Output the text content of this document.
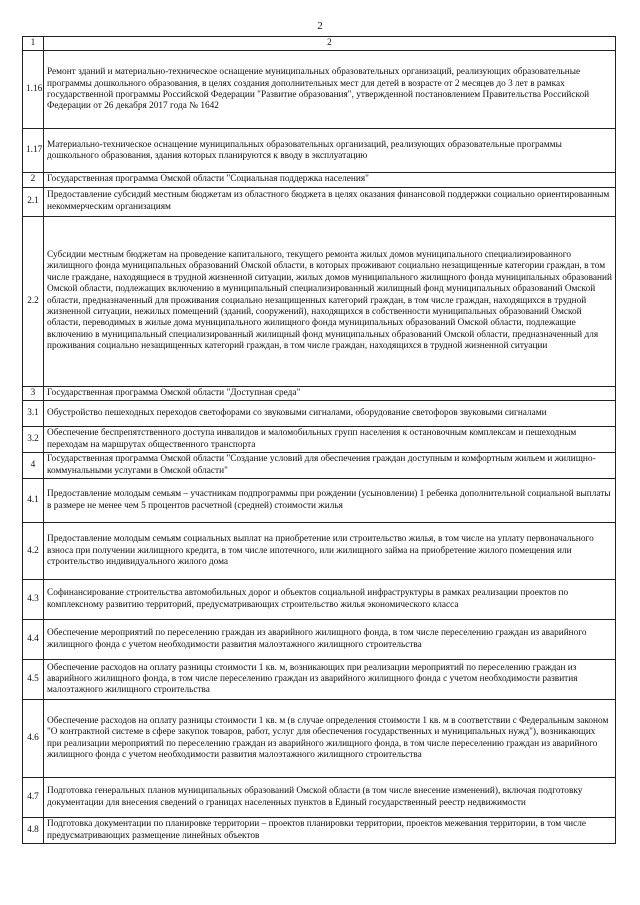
2
1	2
1.16	Ремонт зданий и материально-техническое оснащение муниципальных образовательных организаций, реализующих образовательные программы дошкольного образования, в целях создания дополнительных мест для детей в возрасте от 2 месяцев до 3 лет в рамках государственной программы Российской Федерации "Развитие образования", утвержденной постановлением Правительства Российской Федерации от 26 декабря 2017 года № 1642
1.17	Материально-техническое оснащение муниципальных образовательных организаций, реализующих образовательные программы дошкольного образования, здания которых планируются к вводу в эксплуатацию
2	Государственная программа Омской области "Социальная поддержка населения"
2.1	Предоставление субсидий местным бюджетам из областного бюджета в целях оказания финансовой поддержки социально ориентированным некоммерческим организациям
2.2	Субсидии местным бюджетам на проведение капитального, текущего ремонта жилых домов муниципального специализированного жилищного фонда муниципальных образований Омской области, в которых проживают социально незащищенные категории граждан, в том числе граждане, находящиеся в трудной жизненной ситуации, жилых домов муниципального жилищного фонда муниципальных образований Омской области, подлежащих включению в муниципальный специализированный жилищный фонд муниципальных образований Омской области, предназначенный для проживания социально незащищенных категорий граждан, в том числе граждан, находящихся в трудной жизненной ситуации, нежилых помещений (зданий, сооружений), находящихся в собственности муниципальных образований Омской области, переводимых в жилые дома муниципального жилищного фонда муниципальных образований Омской области, подлежащие включению в муниципальный специализированный жилищный фонд муниципальных образований Омской области, предназначенный для проживания социально незащищенных категорий граждан, в том числе граждан, находящихся в трудной жизненной ситуации
3	Государственная программа Омской области "Доступная среда"
3.1	Обустройство пешеходных переходов светофорами со звуковыми сигналами, оборудование светофоров звуковыми сигналами
3.2	Обеспечение беспрепятственного доступа инвалидов и маломобильных групп населения к остановочным комплексам и пешеходным переходам на маршрутах общественного транспорта
4	Государственная программа Омской области "Создание условий для обеспечения граждан доступным и комфортным жильем и жилищно-коммунальными услугами в Омской области"
4.1	Предоставление молодым семьям – участникам подпрограммы при рождении (усыновлении) 1 ребенка дополнительной социальной выплаты в размере не менее чем 5 процентов расчетной (средней) стоимости жилья
4.2	Предоставление молодым семьям социальных выплат на приобретение или строительство жилья, в том числе на уплату первоначального взноса при получении жилищного кредита, в том числе ипотечного, или жилищного займа на приобретение жилого помещения или строительство индивидуального жилого дома
4.3	Софинансирование строительства автомобильных дорог и объектов социальной инфраструктуры в рамках реализации проектов по комплексному развитию территорий, предусматривающих строительство жилья экономического класса
4.4	Обеспечение мероприятий по переселению граждан из аварийного жилищного фонда, в том числе переселению граждан из аварийного жилищного фонда с учетом необходимости развития малоэтажного жилищного строительства
4.5	Обеспечение расходов на оплату разницы стоимости 1 кв. м, возникающих при реализации мероприятий по переселению граждан из аварийного жилищного фонда, в том числе переселению граждан из аварийного жилищного фонда с учетом необходимости развития малоэтажного жилищного строительства
4.6	Обеспечение расходов на оплату разницы стоимости 1 кв. м (в случае определения стоимости 1 кв. м в соответствии с Федеральным законом "О контрактной системе в сфере закупок товаров, работ, услуг для обеспечения государственных и муниципальных нужд"), возникающих при реализации мероприятий по переселению граждан из аварийного жилищного фонда, в том числе переселению граждан из аварийного жилищного фонда с учетом необходимости развития малоэтажного жилищного строительства
4.7	Подготовка генеральных планов муниципальных образований Омской области (в том числе внесение изменений), включая подготовку документации для внесения сведений о границах населенных пунктов в Единый государственный реестр недвижимости
4.8	Подготовка документации по планировке территории – проектов планировки территории, проектов межевания территории, в том числе предусматривающих размещение линейных объектов
